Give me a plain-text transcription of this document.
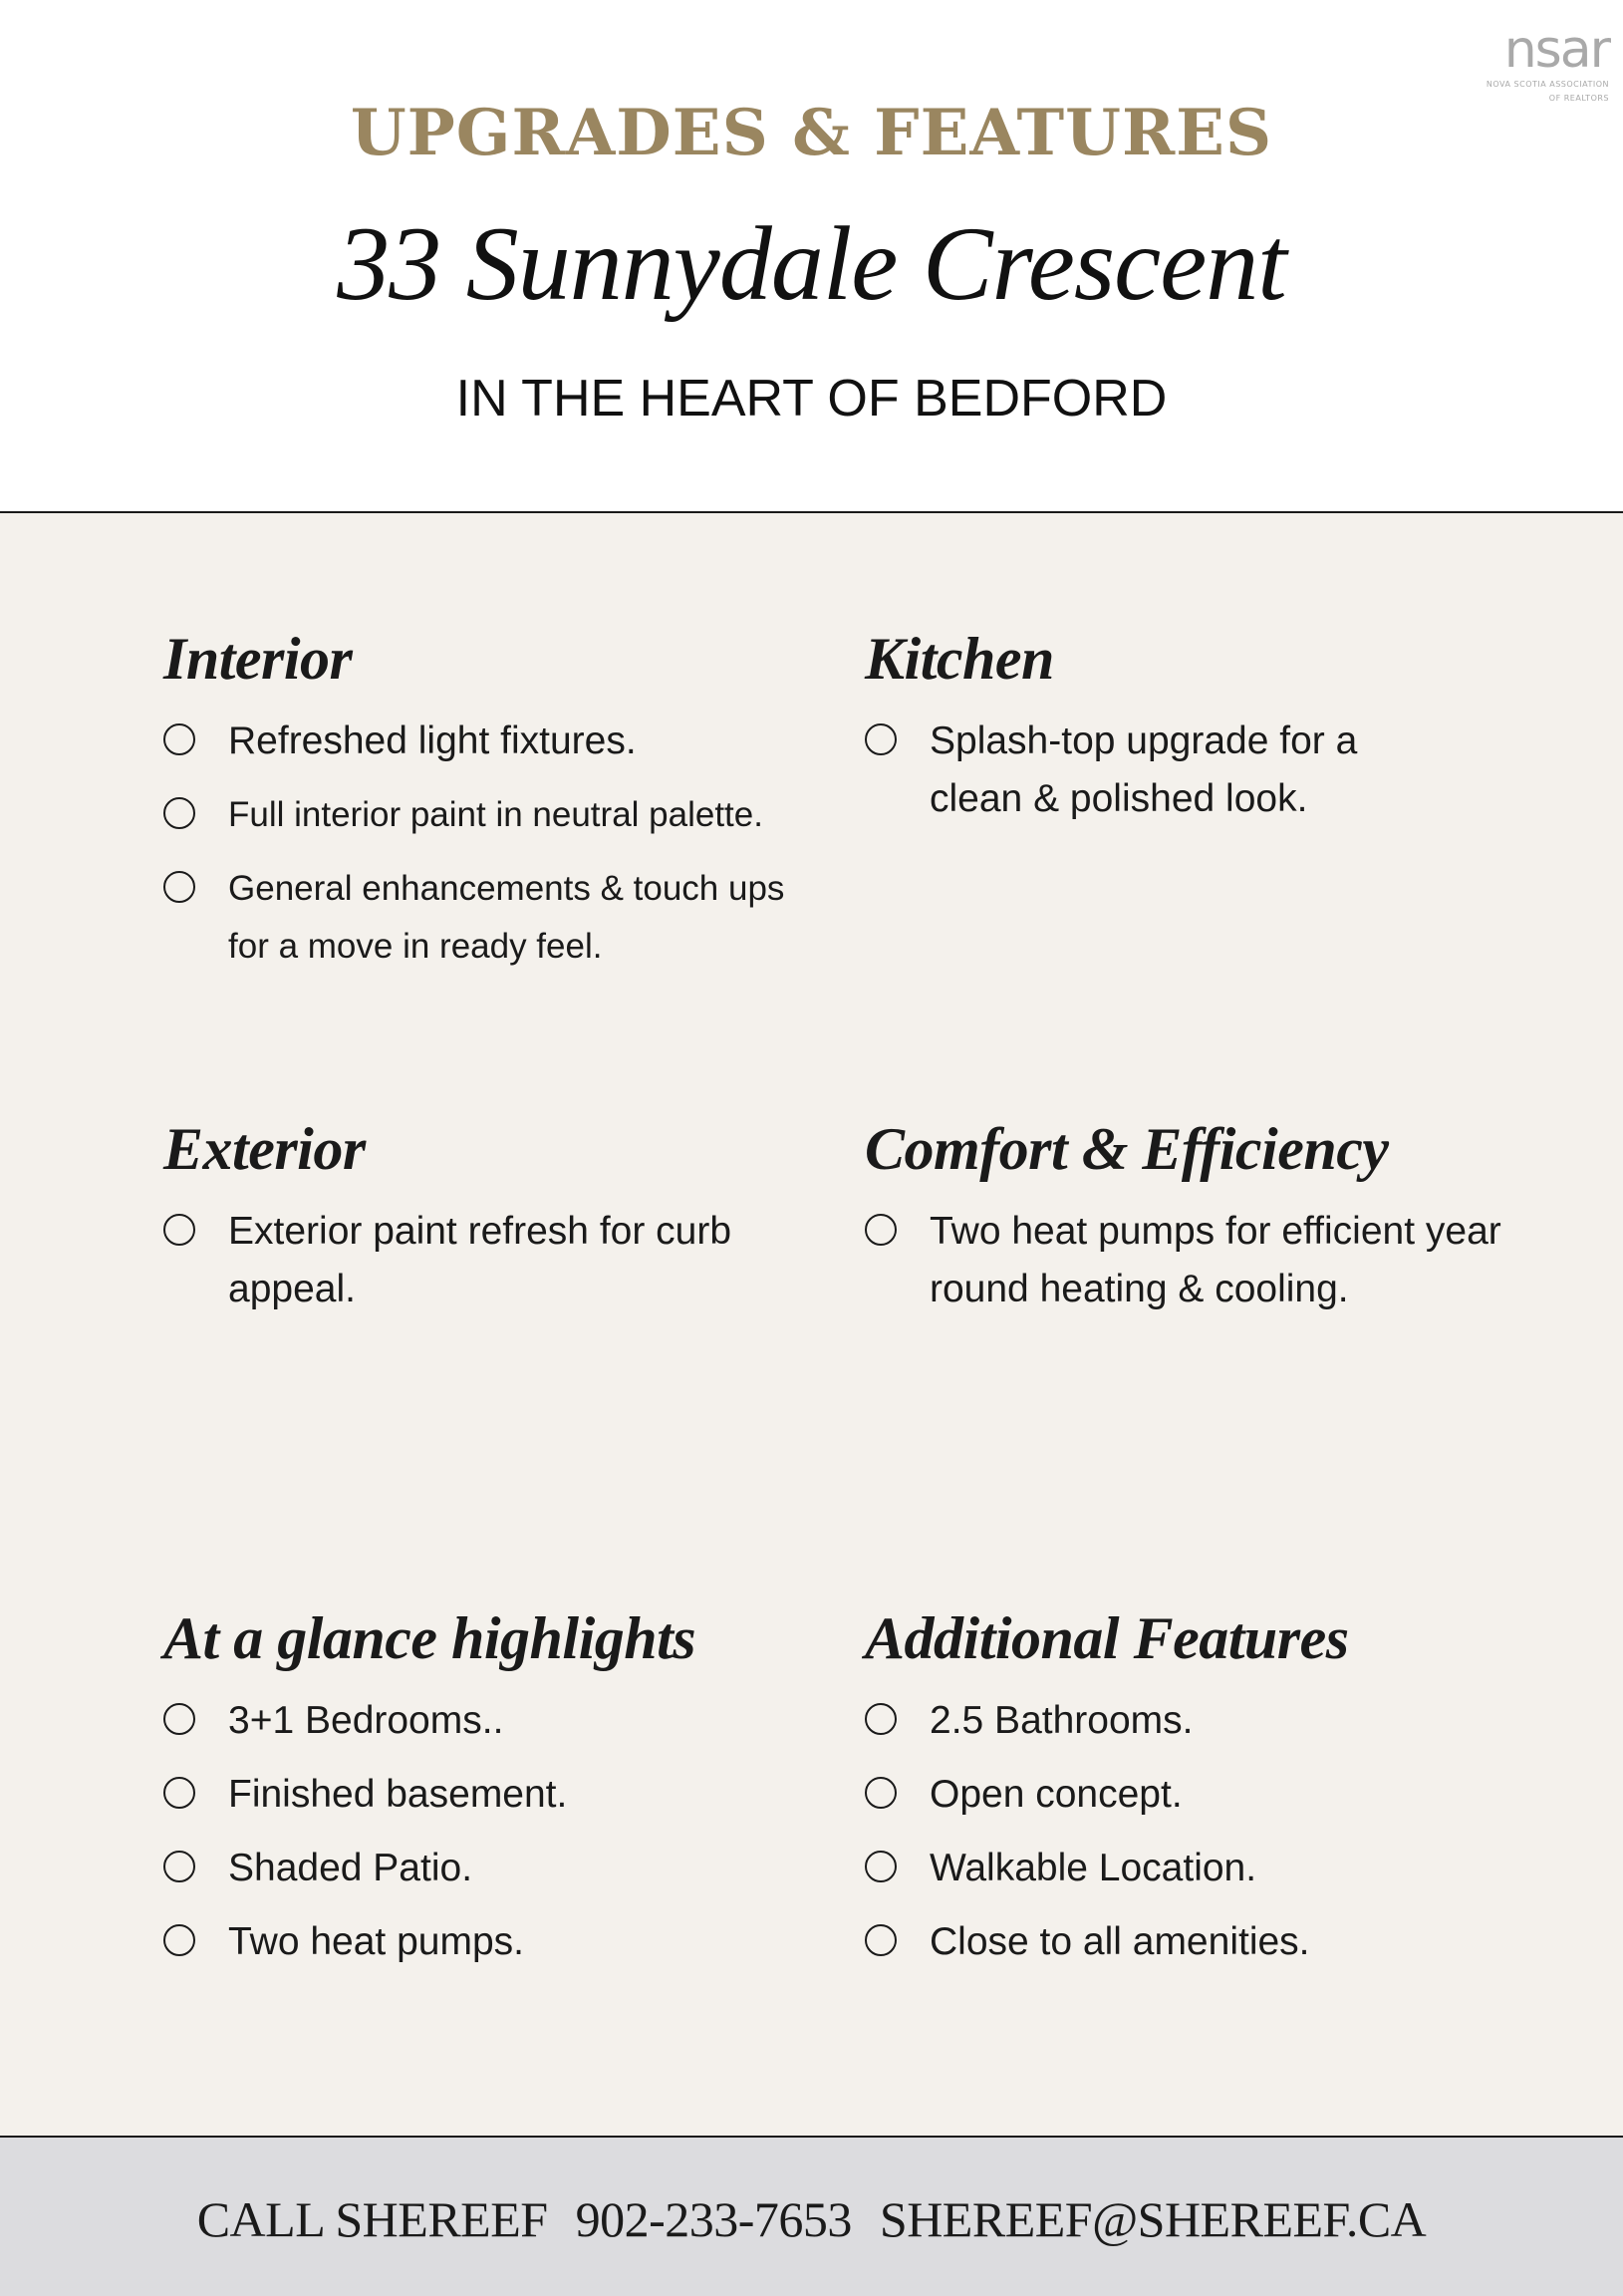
nsar
NOVA SCOTIA ASSOCIATION
OF REALTORS
UPGRADES & FEATURES
33 Sunnydale Crescent
IN THE HEART OF BEDFORD
Interior
Refreshed light fixtures.
Full interior paint in neutral palette.
General enhancements & touch ups for a move in ready feel.
Kitchen
Splash-top upgrade for a clean & polished look.
Exterior
Exterior paint refresh for curb appeal.
Comfort & Efficiency
Two heat pumps for efficient year round heating & cooling.
At a glance highlights
3+1 Bedrooms..
Finished basement.
Shaded Patio.
Two heat pumps.
Additional Features
2.5 Bathrooms.
Open concept.
Walkable Location.
Close to all amenities.
CALL SHEREEF 902-233-7653 SHEREEF@SHEREEF.CA
